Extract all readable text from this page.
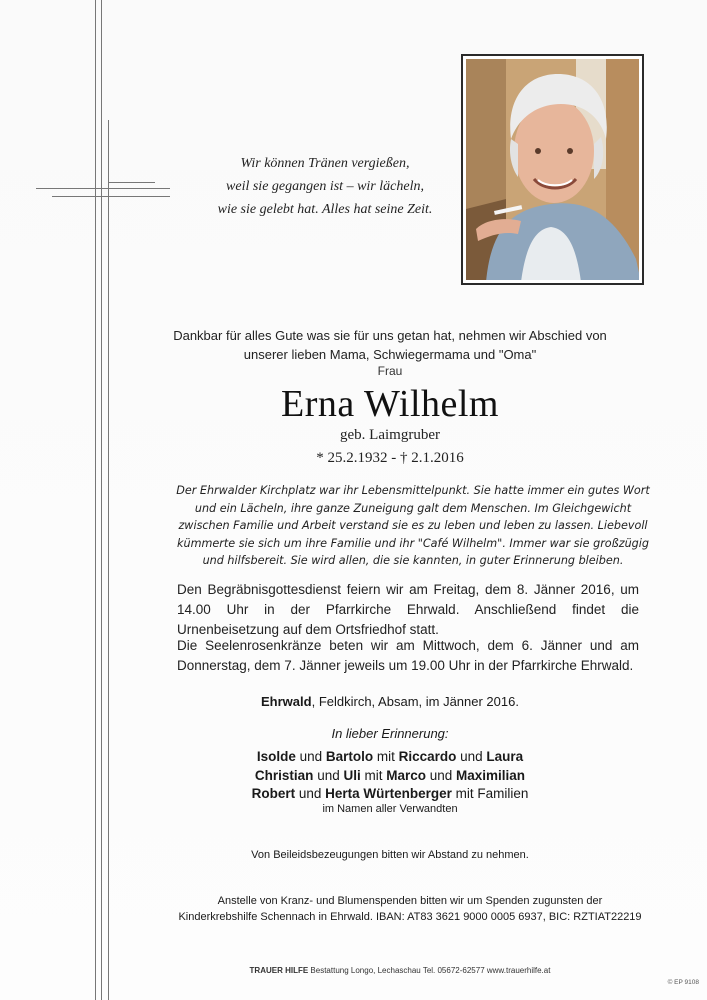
Wir können Tränen vergießen,
weil sie gegangen ist – wir lächeln,
wie sie gelebt hat. Alles hat seine Zeit.
Dankbar für alles Gute was sie für uns getan hat, nehmen wir Abschied von
unserer lieben Mama, Schwiegermama und "Oma"
Frau
Erna Wilhelm
geb. Laimgruber
* 25.2.1932 - † 2.1.2016
Der Ehrwalder Kirchplatz war ihr Lebensmittelpunkt. Sie hatte immer ein gutes Wort
und ein Lächeln, ihre ganze Zuneigung galt dem Menschen. Im Gleichgewicht
zwischen Familie und Arbeit verstand sie es zu leben und leben zu lassen. Liebevoll
kümmerte sie sich um ihre Familie und ihr "Café Wilhelm". Immer war sie großzügig
und hilfsbereit. Sie wird allen, die sie kannten, in guter Erinnerung bleiben.
Den Begräbnisgottesdienst feiern wir am Freitag, dem 8. Jänner 2016, um 14.00 Uhr in der Pfarrkirche Ehrwald. Anschließend findet die Urnenbeisetzung auf dem Ortsfriedhof statt.
Die Seelenrosenkränze beten wir am Mittwoch, dem 6. Jänner und am Donnerstag, dem 7. Jänner jeweils um 19.00 Uhr in der Pfarrkirche Ehrwald.
Ehrwald, Feldkirch, Absam, im Jänner 2016.
In lieber Erinnerung:
Isolde und Bartolo mit Riccardo und Laura
Christian und Uli mit Marco und Maximilian
Robert und Herta Würtenberger mit Familien
im Namen aller Verwandten
Von Beileidsbezeugungen bitten wir Abstand zu nehmen.
Anstelle von Kranz- und Blumenspenden bitten wir um Spenden zugunsten der
Kinderkrebshilfe Schennach in Ehrwald. IBAN: AT83 3621 9000 0005 6937, BIC: RZTIAT22219
TRAUER HILFE Bestattung Longo, Lechaschau Tel. 05672-62577 www.trauerhilfe.at
© EP 9108
